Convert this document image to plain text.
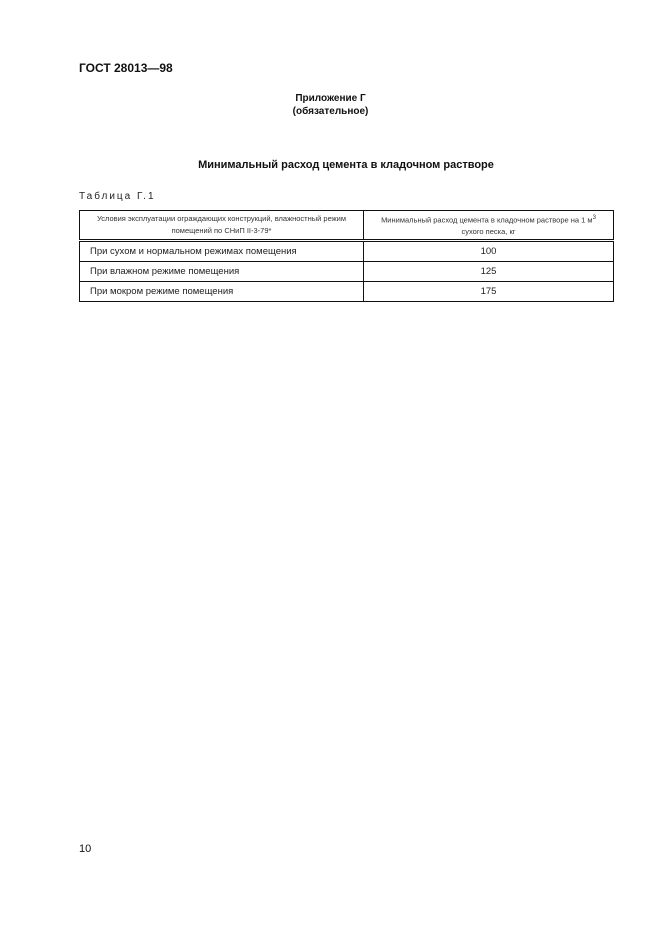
ГОСТ 28013—98
Приложение Г
(обязательное)
Минимальный расход цемента в кладочном растворе
Таблица Г.1
Условия эксплуатации ограждающих конструкций, влажностный режим помещений по СНиП II-3-79*	Минимальный расход цемента в кладочном растворе на 1 $м^3$ сухого песка, кг
При сухом и нормальном режимах помещения	100
При влажном режиме помещения	125
При мокром режиме помещения	175
10
